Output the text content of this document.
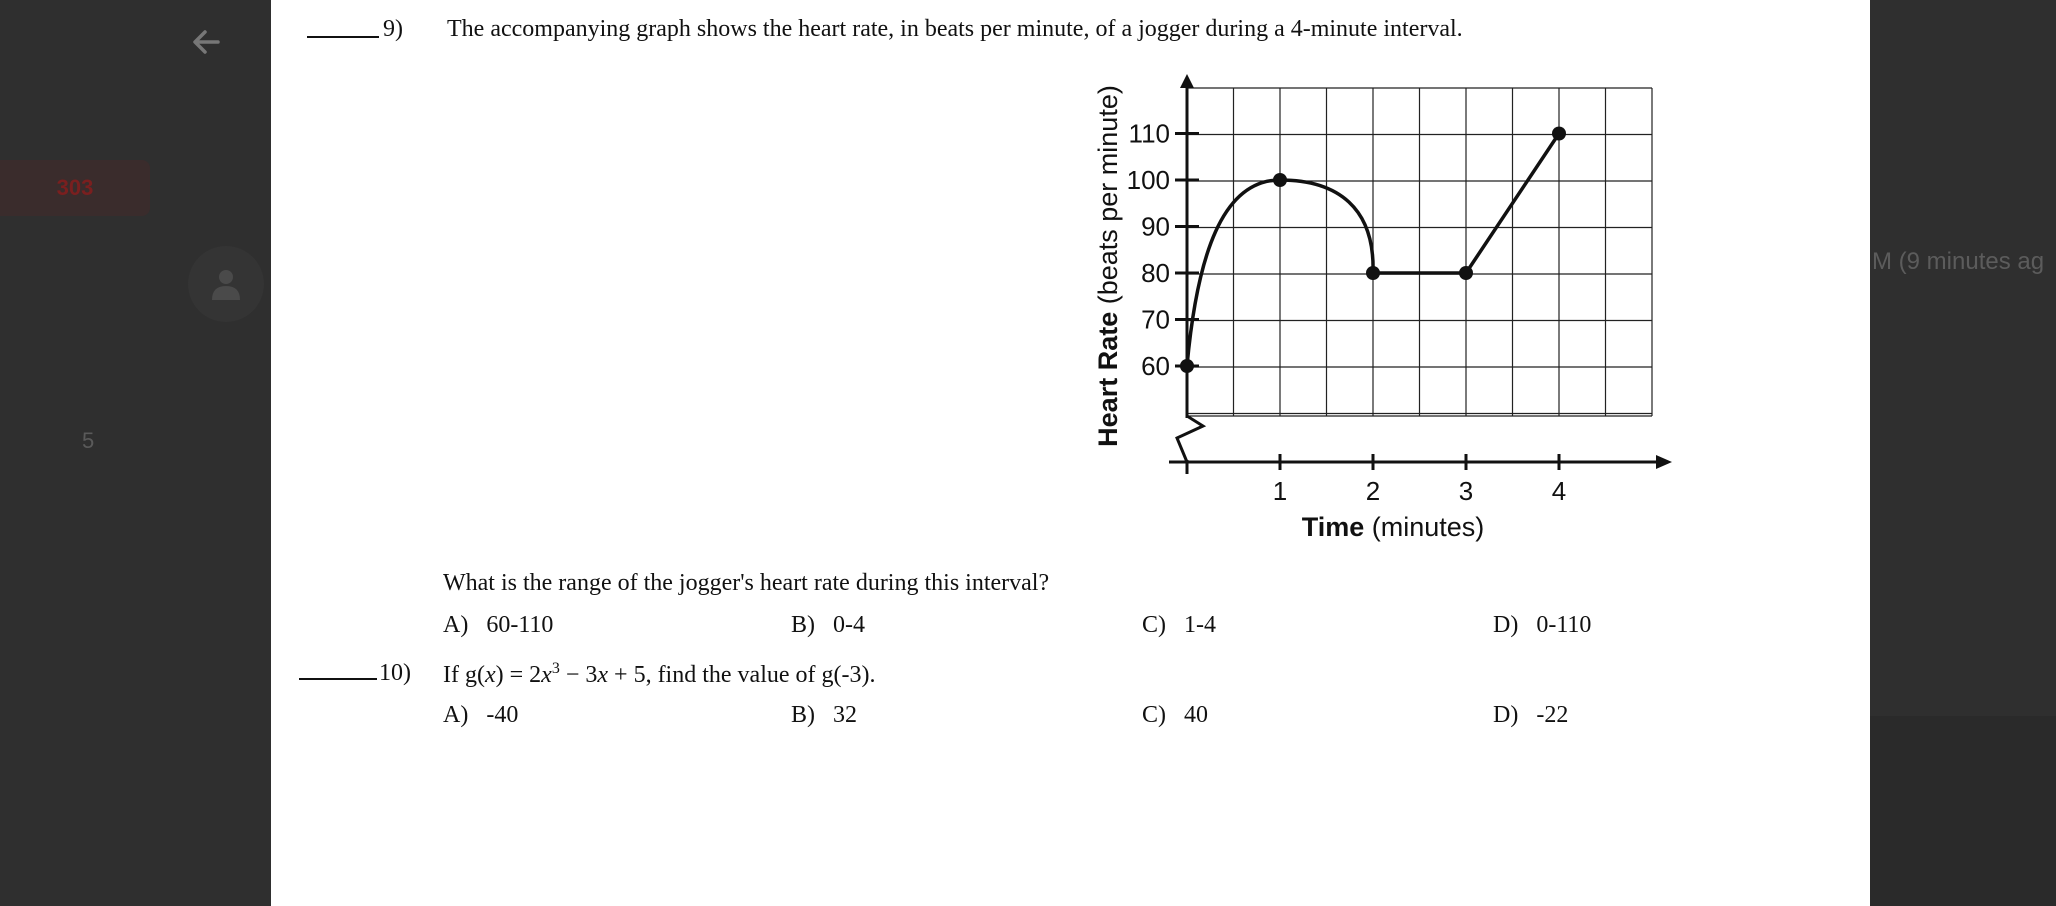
303
5
M (9 minutes ag
9) The accompanying graph shows the heart rate, in beats per minute, of a jogger during a 4-minute interval.
1	2	3	4
60
70
80
90
100
110
Time (minutes)
Heart Rate (beats per minute)
What is the range of the jogger's heart rate during this interval?
A) 60-110	B) 0-4	C) 1-4	D) 0-110
10) If $g(x) = 2x^3 - 3x + 5$, find the value of g(-3).
A) -40	B) 32	C) 40	D) -22
